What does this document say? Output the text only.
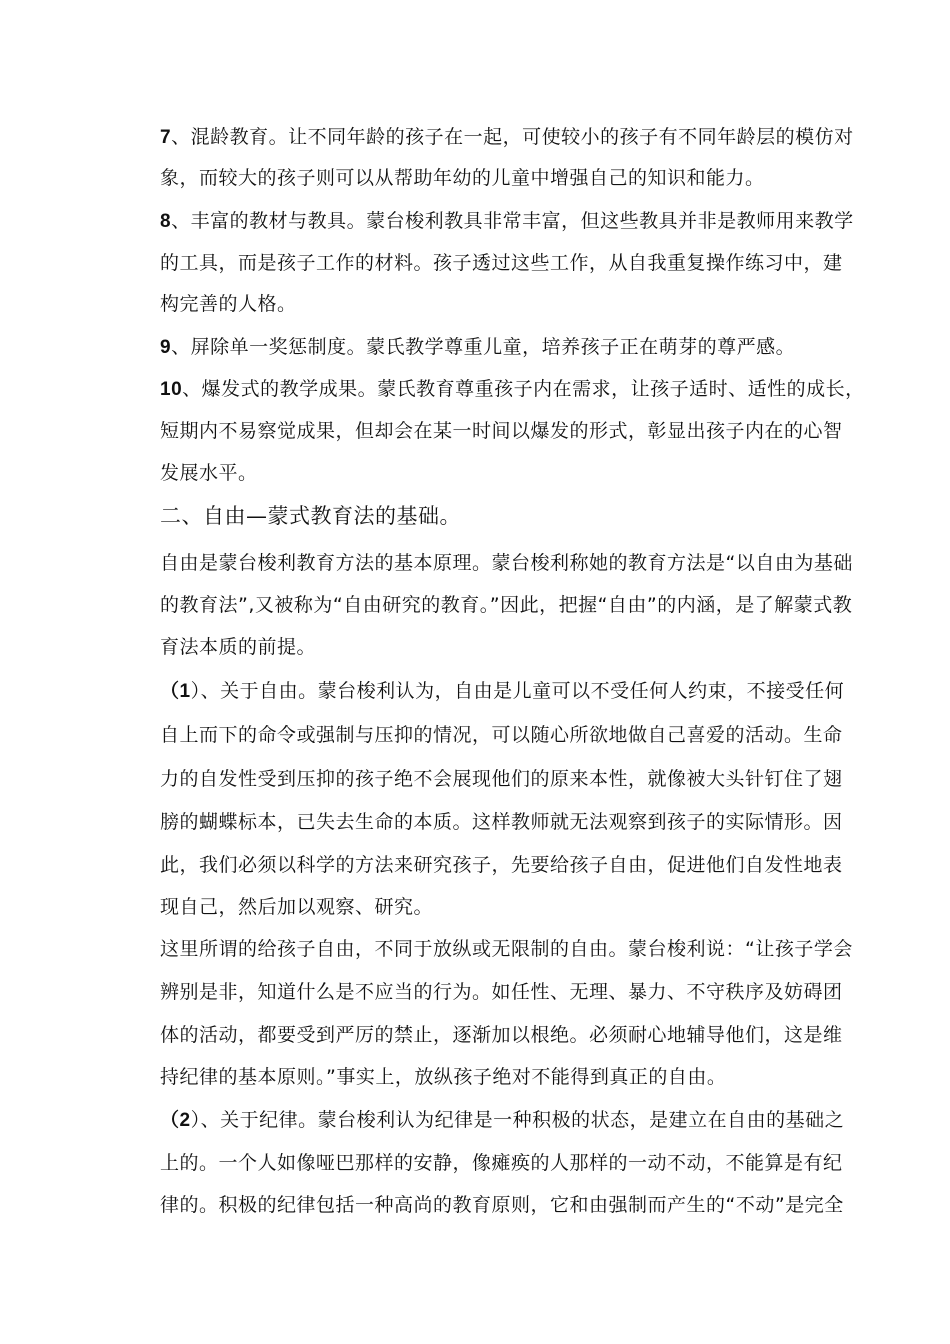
7、混龄教育。让不同年龄的孩子在一起，可使较小的孩子有不同年龄层的模仿对
象，而较大的孩子则可以从帮助年幼的儿童中增强自己的知识和能力。
8、丰富的教材与教具。蒙台梭利教具非常丰富，但这些教具并非是教师用来教学
的工具，而是孩子工作的材料。孩子透过这些工作，从自我重复操作练习中，建
构完善的人格。
9、屏除单一奖惩制度。蒙氏教学尊重儿童，培养孩子正在萌芽的尊严感。
10、爆发式的教学成果。蒙氏教育尊重孩子内在需求，让孩子适时、适性的成长，
短期内不易察觉成果，但却会在某一时间以爆发的形式，彰显出孩子内在的心智
发展水平。
二、自由—蒙式教育法的基础。
自由是蒙台梭利教育方法的基本原理。蒙台梭利称她的教育方法是“以自由为基础
的教育法”,又被称为“自由研究的教育。”因此，把握“自由”的内涵，是了解蒙式教
育法本质的前提。
（1）、关于自由。蒙台梭利认为，自由是儿童可以不受任何人约束，不接受任何
自上而下的命令或强制与压抑的情况，可以随心所欲地做自己喜爱的活动。生命
力的自发性受到压抑的孩子绝不会展现他们的原来本性，就像被大头针钉住了翅
膀的蝴蝶标本，已失去生命的本质。这样教师就无法观察到孩子的实际情形。因
此，我们必须以科学的方法来研究孩子，先要给孩子自由，促进他们自发性地表
现自己，然后加以观察、研究。
这里所谓的给孩子自由，不同于放纵或无限制的自由。蒙台梭利说：“让孩子学会
辨别是非，知道什么是不应当的行为。如任性、无理、暴力、不守秩序及妨碍团
体的活动，都要受到严厉的禁止，逐渐加以根绝。必须耐心地辅导他们，这是维
持纪律的基本原则。”事实上，放纵孩子绝对不能得到真正的自由。
（2）、关于纪律。蒙台梭利认为纪律是一种积极的状态，是建立在自由的基础之
上的。一个人如像哑巴那样的安静，像瘫痪的人那样的一动不动，不能算是有纪
律的。积极的纪律包括一种高尚的教育原则，它和由强制而产生的“不动”是完全
